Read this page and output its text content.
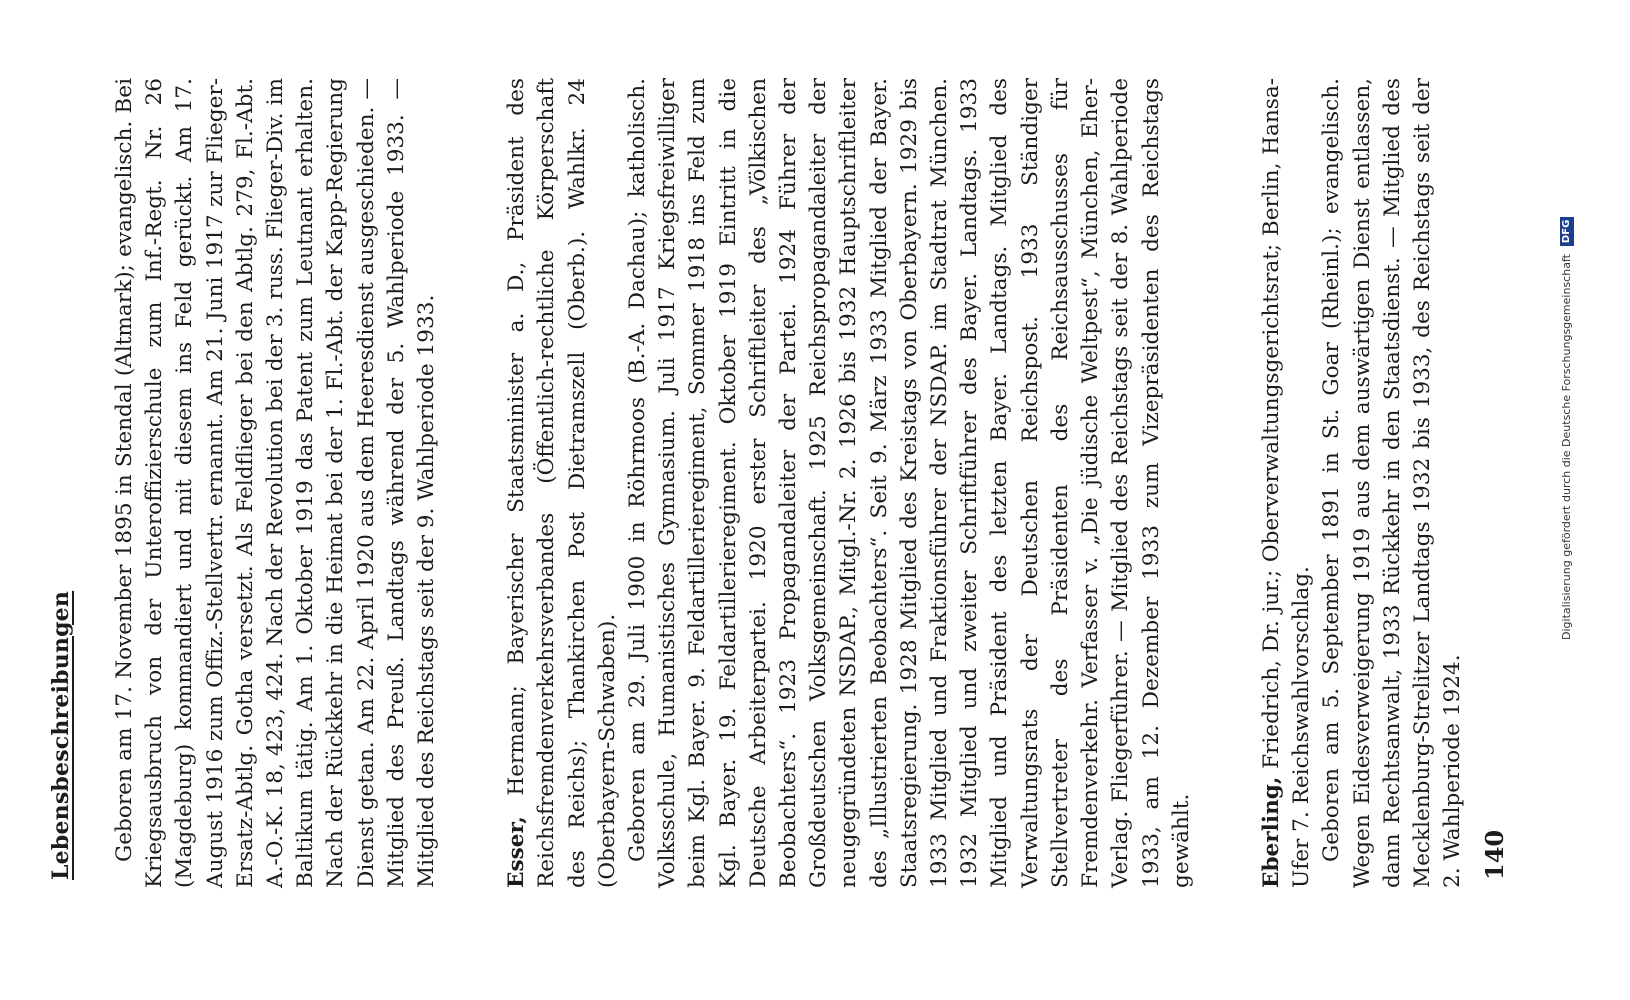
Lebensbeschreibungen Geboren am 17. November 1895 in Stendal (Altmark); evangelisch. Bei Kriegsausbruch von der Unteroffizierschule zum Inf.-Regt. Nr. 26 (Magdeburg) kommandiert und mit diesem ins Feld gerückt. Am 17. August 1916 zum Offiz.-Stellvertr. ernannt. Am 21. Juni 1917 zur Flieger-Ersatz-Abtlg. Gotha versetzt. Als Feldflieger bei den Abtlg. 279, Fl.-Abt. A.-O.-K. 18, 423, 424. Nach der Revolution bei der 3. russ. Flieger-Div. im Baltikum tätig. Am 1. Oktober 1919 das Patent zum Leutnant erhalten. Nach der Rückkehr in die Heimat bei der 1. Fl.-Abt. der Kapp-Regierung Dienst getan. Am 22. April 1920 aus dem Heeresdienst ausgeschieden. — Mitglied des Preuß. Landtags während der 5. Wahlperiode 1933. — Mitglied des Reichstags seit der 9. Wahlperiode 1933.	Esser, Hermann; Bayerischer Staatsminister a. D., Präsident des Reichsfremdenverkehrsverbandes (Öffentlich-rechtliche Körperschaft des Reichs); Thankirchen Post Dietramszell (Oberb.). Wahlkr. 24 (Oberbayern-Schwaben). Geboren am 29. Juli 1900 in Röhrmoos (B.-A. Dachau); katholisch. Volksschule, Humanistisches Gymnasium. Juli 1917 Kriegsfreiwilliger beim Kgl. Bayer. 9. Feldartillerieregiment, Sommer 1918 ins Feld zum Kgl. Bayer. 19. Feldartillerieregiment. Oktober 1919 Eintritt in die Deutsche Arbeiterpartei. 1920 erster Schriftleiter des „Völkischen Beobachters“. 1923 Propagandaleiter der Partei. 1924 Führer der Großdeutschen Volksgemeinschaft. 1925 Reichspropagandaleiter der neugegründeten NSDAP., Mitgl.-Nr. 2. 1926 bis 1932 Hauptschriftleiter des „Illustrierten Beobachters“. Seit 9. März 1933 Mitglied der Bayer. Staatsregierung. 1928 Mitglied des Kreistags von Oberbayern. 1929 bis 1933 Mitglied und Fraktionsführer der NSDAP. im Stadtrat München. 1932 Mitglied und zweiter Schriftführer des Bayer. Landtags. 1933 Mitglied und Präsident des letzten Bayer. Landtags. Mitglied des Verwaltungsrats der Deutschen Reichspost. 1933 Ständiger Stellvertreter des Präsidenten des Reichsausschusses für Fremdenverkehr. Verfasser v. „Die jüdische Weltpest“, München, Eher-Verlag. Fliegerführer. — Mitglied des Reichstags seit der 8. Wahlperiode 1933, am 12. Dezember 1933 zum Vizepräsidenten des Reichstags gewählt.	Eberling, Friedrich, Dr. jur.; Oberverwaltungsgerichtsrat; Berlin, Hansa-Ufer 7. Reichswahlvorschlag. Geboren am 5. September 1891 in St. Goar (Rheinl.); evangelisch. Wegen Eidesverweigerung 1919 aus dem auswärtigen Dienst entlassen, dann Rechtsanwalt, 1933 Rückkehr in den Staatsdienst. — Mitglied des Mecklenburg-Strelitzer Landtags 1932 bis 1933, des Reichstags seit der 2. Wahlperiode 1924. 140
Digitalisierung gefördert durch die Deutsche ForschungsgemeinschaftDFG
